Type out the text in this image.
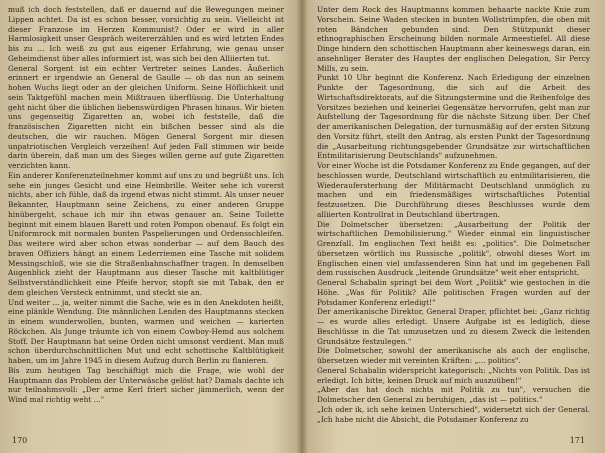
muß ich doch feststellen, daß er dauernd auf die Bewegungen meiner Lippen achtet. Da ist es schon besser, vorsichtig zu sein. Vielleicht ist dieser Franzose im Herzen Kommunist? Oder er wird in aller Harmlosigkeit unser Gespräch weitererzählen und es wird letzten Endes bis zu ... Ich weiß zu gut aus eigener Erfahrung, wie genau unser Geheimdienst über alles informiert ist, was sich bei den Alliierten tut.

General Sorgent ist ein echter Vertreter seines Landes. Äußerlich erinnert er irgendwie an General de Gaulle — ob das nun an seinem hohen Wuchs liegt oder an der gleichen Uniform. Seine Höflichkeit und sein Taktgefühl machen mein Mißtrauen überflüssig. Die Unterhaltung geht nicht über die üblichen liebenswürdigen Phrasen hinaus. Wir bieten uns gegenseitig Zigaretten an, wobei ich feststelle, daß die französischen Zigaretten nicht ein bißchen besser sind als die deutschen, die wir rauchen. Mögen General Sorgent mir diesen unpatriotischen Vergleich verzeihen! Auf jeden Fall stimmen wir beide darin überein, daß man um des Sieges willen gerne auf gute Zigaretten verzichten kann.

Ein anderer Konferenzteilnehmer kommt auf uns zu und begrüßt uns. Ich sehe ein junges Gesicht und eine Heimbrille. Weiter sehe ich vorerst nichts, aber ich fühle, daß da irgend etwas nicht stimmt. Als unser neuer Bekannter, Hauptmann seine Zeichens, zu einer anderen Gruppe hinübergeht, schaue ich mir ihn etwas genauer an. Seine Toilette beginnt mit einem blauen Barett und roten Pompon obenauf. Es folgt ein Uniformrock mit normalen bunten Paspelierungen und Ordensschleifen. Das weitere wird aber schon etwas sonderbar — auf dem Bauch des braven Offiziers hängt an einem Lederriemen eine Tasche mit solidem Messingschloß, wie sie die Straßenbahnschaffner tragen. In demselben Augenblick zieht der Hauptmann aus dieser Tasche mit kaltblütiger Selbstverständlichkeit eine Pfeife hervor, stopft sie mit Tabak, den er dem gleichen Versteck entnimmt, und steckt sie an.

Und weiter ... ja, weiter nimmt die Sache, wie es in den Anekdoten heißt, eine plänkle Wendung. Die männlichen Lenden des Hauptmanns stecken in einem wunderwollen, bunten, warmen und weichen — karierten Röckchen. Als Junge träumte ich von einem Cowboy-Hemd aus solchem Stoff. Der Hauptmann hat seine Orden nicht umsonst verdient. Man muß schon überdurchschnittlichen Mut und echt schottische Kaltblütigkeit haben, um im Jahre 1945 in diesem Aufzug durch Berlin zu flanieren.

Bis zum heutigen Tag beschäftigt mich die Frage, wie wohl der Hauptmann das Problem der Unterwäsche gelöst hat? Damals dachte ich nur teilnahmsvoll: „Der arme Kerl friert sicher jämmerlich, wenn der Wind mal richtig weht ..."

170

Unter dem Rock des Hauptmanns kommen behaarte nackte Knie zum Vorschein. Seine Waden stecken in bunten Wollstrümpfen, die oben mit roten Bändchen gebunden sind. Den Stützpunkt dieser ethnographischen Erscheinung bilden normale Armeestiefel. All diese Dinge hindern den schottischen Hauptmann aber keineswegs daran, ein ansehnliger Berater des Hauptes der englischen Delegation, Sir Percy Mills, zu sein.

Punkt 10 Uhr beginnt die Konferenz. Nach Erledigung der einzelnen Punkte der Tagesordnung, die sich auf die Arbeit des Wirtschaftsdirektorats, auf die Sitzungstermine und die Reihenfolge des Vorsitzes beziehen und keinerlei Gegensätze hervorrufen, geht man zur Aufstellung der Tagesordnung für die nächste Sitzung über. Der Chef der amerikanischen Delegation, der turnusmäßig auf der ersten Sitzung den Vorsitz führt, stellt den Antrag, als ersten Punkt der Tagesordnung die „Ausarbeitung richtungsgebender Grundsätze zur wirtschaftlichen Entmilitarisierung Deutschlands" aufzunehmen.

Vor einer Woche ist die Potsdamer Konferenz zu Ende gegangen, auf der beschlossen wurde, Deutschland wirtschaftlich zu entmilitarisieren, die Wiederaufersterhung der Militärmacht Deutschland unmöglich zu machen und ein friedensmäßiges wirtschaftliches Potential festzusetzen. Die Durchführung dieses Beschlusses wurde dem alliierten Kontrollrat in Deutschland übertragen.

Die Dolmetscher übersetzen: „Ausarbeitung der Politik der wirtschaftlichen Demobilisierung." Wieder einmal ein linguistischer Grenzfall. Im englischen Text heißt es: „politics". Die Dolmetscher übersetzen wörtlich ins Russische „politik", obwohl dieses Wort im Englischen einen viel umfassenderen Sinn hat und im gegebenen Fall dem russischen Ausdruck „leitende Grundsätze" weit eher entspricht.

General Schabalin springt bei dem Wort „Politik" wie gestochen in die Höhe. „Was für Politik? Alle politischen Fragen wurden auf der Potsdamer Konferenz erledigt!"

Der amerikanische Direktor, General Draper, pflichtet bei: „Ganz richtig — es wurde alles erledigt. Unsere Aufgabe ist es lediglich, diese Beschlüsse in die Tat umzusetzen und zu diesem Zweck die leitenden Grundsätze festzulegen."

Die Dolmetscher, sowohl der amerikanische als auch der englische, übersetzen wieder mit vereinten Kräften: „... politics".

General Schabalin widerspricht kategorisch: „Nichts von Politik. Das ist erledigt. Ich bitte, keinen Druck auf mich auszuüben!"

„Aber das hat doch nichts mit Politik zu tun", versuchen die Dolmetscher den General zu beruhigen, „das ist — politics."

„Ich oder ik, ich sehe keinen Unterschied", widersetzt sich der General. „Ich habe nicht die Absicht, die Potsdamer Konferenz zu

171
